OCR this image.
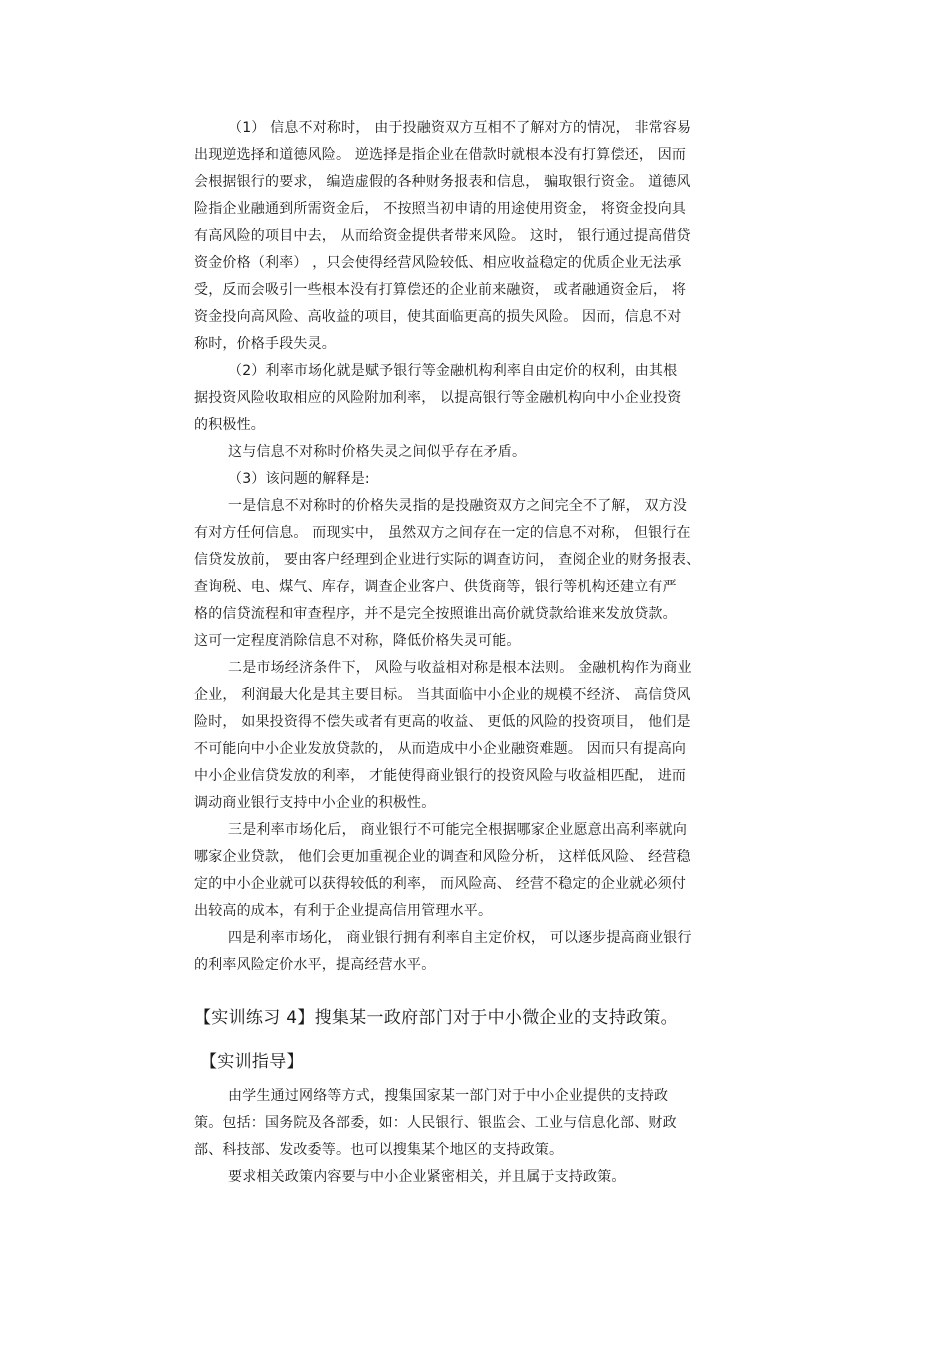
（1） 信息不对称时， 由于投融资双方互相不了解对方的情况， 非常容易
出现逆选择和道德风险。 逆选择是指企业在借款时就根本没有打算偿还， 因而
会根据银行的要求， 编造虚假的各种财务报表和信息， 骗取银行资金。 道德风
险指企业融通到所需资金后， 不按照当初申请的用途使用资金， 将资金投向具
有高风险的项目中去， 从而给资金提供者带来风险。 这时， 银行通过提高借贷
资金价格（利率） ，只会使得经营风险较低、相应收益稳定的优质企业无法承
受，反而会吸引一些根本没有打算偿还的企业前来融资， 或者融通资金后， 将
资金投向高风险、高收益的项目，使其面临更高的损失风险。 因而，信息不对
称时，价格手段失灵。
（2）利率市场化就是赋予银行等金融机构利率自由定价的权利，由其根
据投资风险收取相应的风险附加利率， 以提高银行等金融机构向中小企业投资
的积极性。
这与信息不对称时价格失灵之间似乎存在矛盾。
（3）该问题的解释是:
一是信息不对称时的价格失灵指的是投融资双方之间完全不了解， 双方没
有对方任何信息。 而现实中， 虽然双方之间存在一定的信息不对称， 但银行在
信贷发放前， 要由客户经理到企业进行实际的调查访问， 查阅企业的财务报表、
查询税、电、煤气、库存，调查企业客户、供货商等，银行等机构还建立有严
格的信贷流程和审查程序，并不是完全按照谁出高价就贷款给谁来发放贷款。
这可一定程度消除信息不对称，降低价格失灵可能。
二是市场经济条件下， 风险与收益相对称是根本法则。 金融机构作为商业
企业， 利润最大化是其主要目标。 当其面临中小企业的规模不经济、 高信贷风
险时， 如果投资得不偿失或者有更高的收益、 更低的风险的投资项目， 他们是
不可能向中小企业发放贷款的， 从而造成中小企业融资难题。 因而只有提高向
中小企业信贷发放的利率， 才能使得商业银行的投资风险与收益相匹配， 进而
调动商业银行支持中小企业的积极性。
三是利率市场化后， 商业银行不可能完全根据哪家企业愿意出高利率就向
哪家企业贷款， 他们会更加重视企业的调查和风险分析， 这样低风险、 经营稳
定的中小企业就可以获得较低的利率， 而风险高、 经营不稳定的企业就必须付
出较高的成本，有利于企业提高信用管理水平。
四是利率市场化， 商业银行拥有利率自主定价权， 可以逐步提高商业银行
的利率风险定价水平，提高经营水平。
【实训练习 4】搜集某一政府部门对于中小微企业的支持政策。
【实训指导】
由学生通过网络等方式，搜集国家某一部门对于中小企业提供的支持政
策。包括：国务院及各部委，如：人民银行、银监会、工业与信息化部、财政
部、科技部、发改委等。也可以搜集某个地区的支持政策。
要求相关政策内容要与中小企业紧密相关，并且属于支持政策。
